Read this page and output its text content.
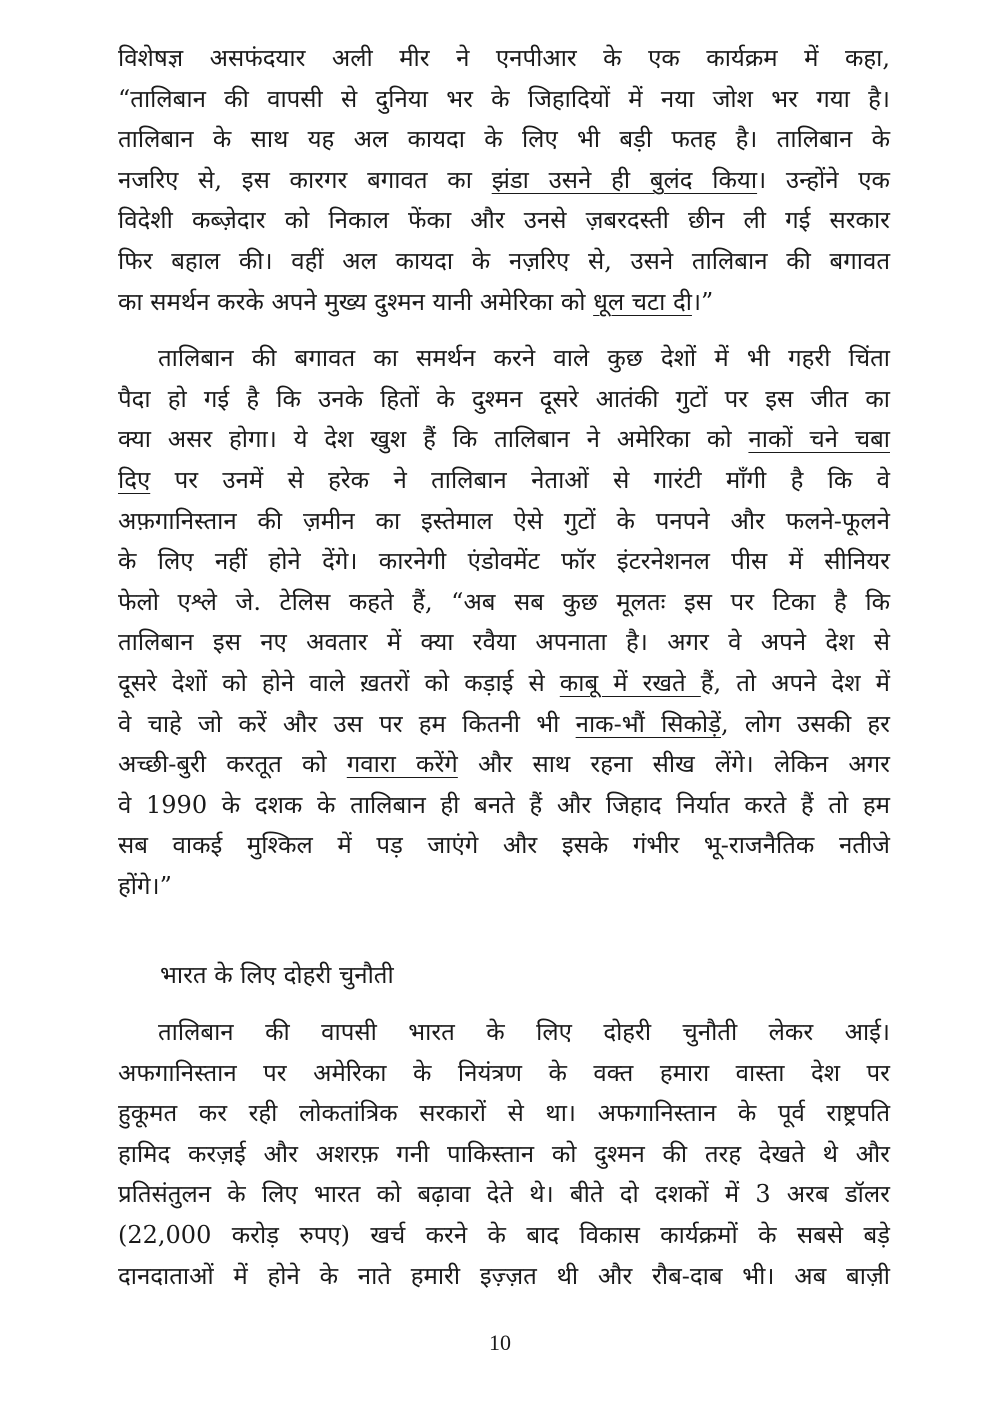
विशेषज्ञ असफंदयार अली मीर ने एनपीआर के एक कार्यक्रम में कहा,
“तालिबान की वापसी से दुनिया भर के जिहादियों में नया जोश भर गया है।
तालिबान के साथ यह अल कायदा के लिए भी बड़ी फतह है। तालिबान के
नजरिए से, इस कारगर बगावत का झंडा उसने ही बुलंद किया। उन्होंने एक
विदेशी कब्ज़ेदार को निकाल फेंका और उनसे ज़बरदस्ती छीन ली गई सरकार
फिर बहाल की। वहीं अल कायदा के नज़रिए से, उसने तालिबान की बगावत
का समर्थन करके अपने मुख्य दुश्मन यानी अमेरिका को धूल चटा दी।”
तालिबान की बगावत का समर्थन करने वाले कुछ देशों में भी गहरी चिंता
पैदा हो गई है कि उनके हितों के दुश्मन दूसरे आतंकी गुटों पर इस जीत का
क्या असर होगा। ये देश खुश हैं कि तालिबान ने अमेरिका को नाकों चने चबा
दिए पर उनमें से हरेक ने तालिबान नेताओं से गारंटी माँगी है कि वे
अफ़गानिस्तान की ज़मीन का इस्तेमाल ऐसे गुटों के पनपने और फलने-फूलने
के लिए नहीं होने देंगे। कारनेगी एंडोवमेंट फॉर इंटरनेशनल पीस में सीनियर
फेलो एश्ले जे. टेलिस कहते हैं, “अब सब कुछ मूलतः इस पर टिका है कि
तालिबान इस नए अवतार में क्या रवैया अपनाता है। अगर वे अपने देश से
दूसरे देशों को होने वाले ख़तरों को कड़ाई से काबू में रखते हैं, तो अपने देश में
वे चाहे जो करें और उस पर हम कितनी भी नाक-भौं सिकोड़ें, लोग उसकी हर
अच्छी-बुरी करतूत को गवारा करेंगे और साथ रहना सीख लेंगे। लेकिन अगर
वे 1990 के दशक के तालिबान ही बनते हैं और जिहाद निर्यात करते हैं तो हम
सब वाकई मुश्किल में पड़ जाएंगे और इसके गंभीर भू-राजनैतिक नतीजे
होंगे।”
भारत के लिए दोहरी चुनौती
तालिबान की वापसी भारत के लिए दोहरी चुनौती लेकर आई।
अफगानिस्तान पर अमेरिका के नियंत्रण के वक्त हमारा वास्ता देश पर
हुकूमत कर रही लोकतांत्रिक सरकारों से था। अफगानिस्तान के पूर्व राष्ट्रपति
हामिद करज़ई और अशरफ़ गनी पाकिस्तान को दुश्मन की तरह देखते थे और
प्रतिसंतुलन के लिए भारत को बढ़ावा देते थे। बीते दो दशकों में 3 अरब डॉलर
(22,000 करोड़ रुपए) खर्च करने के बाद विकास कार्यक्रमों के सबसे बड़े
दानदाताओं में होने के नाते हमारी इज़्ज़त थी और रौब-दाब भी। अब बाज़ी
10
